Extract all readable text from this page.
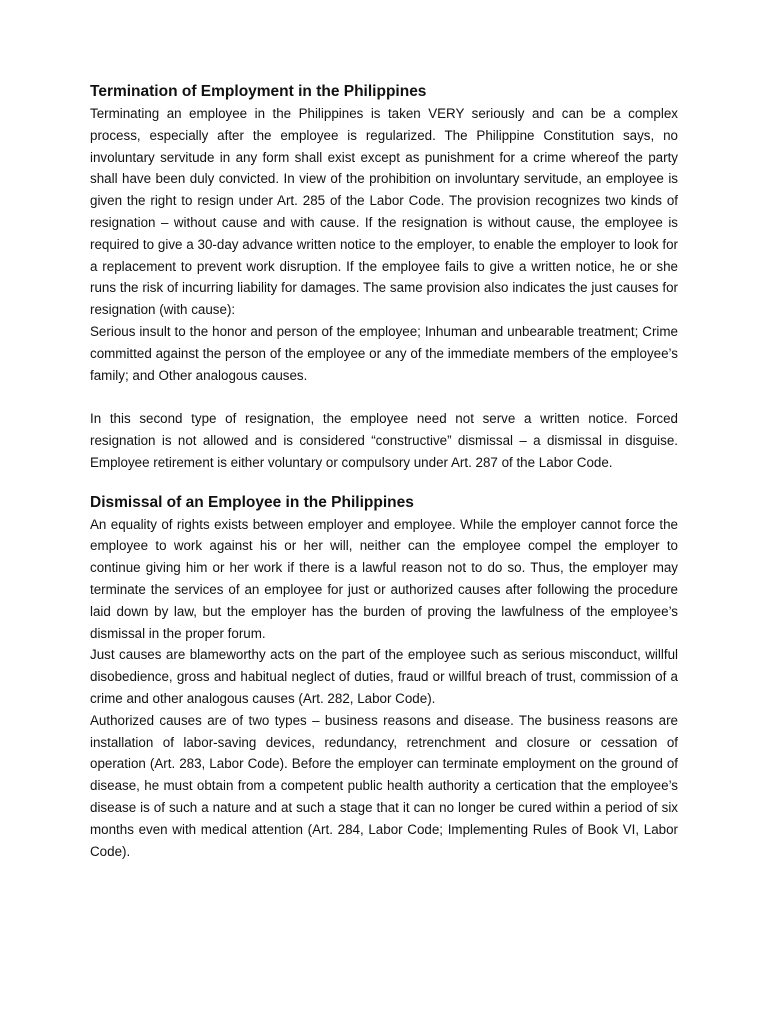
Termination of Employment in the Philippines

Terminating an employee in the Philippines is taken VERY seriously and can be a complex process, especially after the employee is regularized. The Philippine Constitution says, no involuntary servitude in any form shall exist except as punishment for a crime whereof the party shall have been duly convicted. In view of the prohibition on involuntary servitude, an employee is given the right to resign under Art. 285 of the Labor Code. The provision recognizes two kinds of resignation – without cause and with cause. If the resignation is without cause, the employee is required to give a 30-day advance written notice to the employer, to enable the employer to look for a replacement to prevent work disruption. If the employee fails to give a written notice, he or she runs the risk of incurring liability for damages. The same provision also indicates the just causes for resignation (with cause):

Serious insult to the honor and person of the employee; Inhuman and unbearable treatment; Crime committed against the person of the employee or any of the immediate members of the employee’s family; and Other analogous causes.

In this second type of resignation, the employee need not serve a written notice. Forced resignation is not allowed and is considered “constructive” dismissal – a dismissal in disguise. Employee retirement is either voluntary or compulsory under Art. 287 of the Labor Code.

Dismissal of an Employee in the Philippines

An equality of rights exists between employer and employee. While the employer cannot force the employee to work against his or her will, neither can the employee compel the employer to continue giving him or her work if there is a lawful reason not to do so. Thus, the employer may terminate the services of an employee for just or authorized causes after following the procedure laid down by law, but the employer has the burden of proving the lawfulness of the employee’s dismissal in the proper forum.

Just causes are blameworthy acts on the part of the employee such as serious misconduct, willful disobedience, gross and habitual neglect of duties, fraud or willful breach of trust, commission of a crime and other analogous causes (Art. 282, Labor Code).

Authorized causes are of two types – business reasons and disease. The business reasons are installation of labor-saving devices, redundancy, retrenchment and closure or cessation of operation (Art. 283, Labor Code). Before the employer can terminate employment on the ground of disease, he must obtain from a competent public health authority a certication that the employee’s disease is of such a nature and at such a stage that it can no longer be cured within a period of six months even with medical attention (Art. 284, Labor Code; Implementing Rules of Book VI, Labor Code).
